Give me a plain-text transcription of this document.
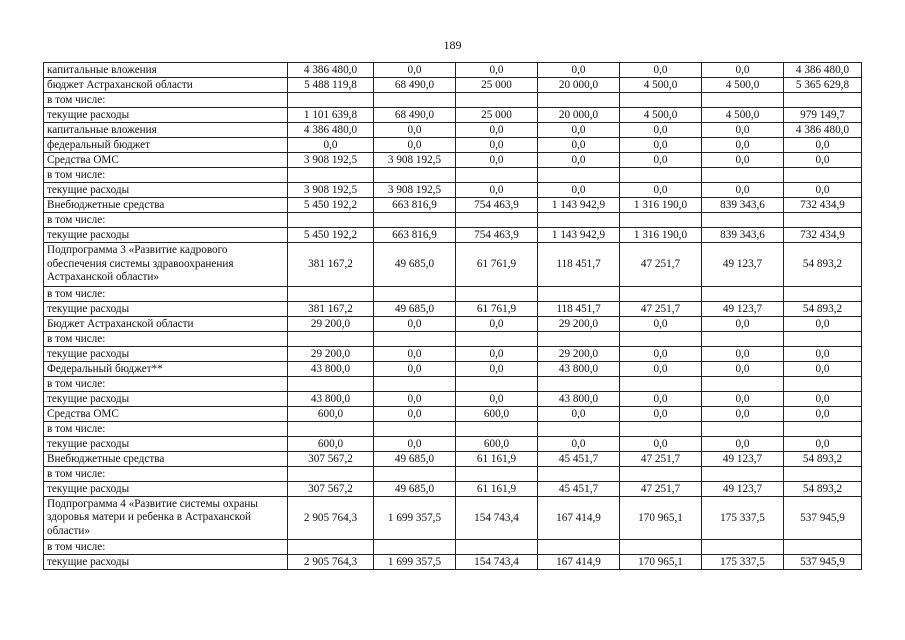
189
капитальные вложения	4 386 480,0	0,0	0,0	0,0	0,0	0,0	4 386 480,0
бюджет Астраханской области	5 488 119,8	68 490,0	25 000	20 000,0	4 500,0	4 500,0	5 365 629,8
в том числе:							
текущие расходы	1 101 639,8	68 490,0	25 000	20 000,0	4 500,0	4 500,0	979 149,7
капитальные вложения	4 386 480,0	0,0	0,0	0,0	0,0	0,0	4 386 480,0
федеральный бюджет	0,0	0,0	0,0	0,0	0,0	0,0	0,0
Средства ОМС	3 908 192,5	3 908 192,5	0,0	0,0	0,0	0,0	0,0
в том числе:							
текущие расходы	3 908 192,5	3 908 192,5	0,0	0,0	0,0	0,0	0,0
Внебюджетные средства	5 450 192,2	663 816,9	754 463,9	1 143 942,9	1 316 190,0	839 343,6	732 434,9
в том числе:							
текущие расходы	5 450 192,2	663 816,9	754 463,9	1 143 942,9	1 316 190,0	839 343,6	732 434,9
Подпрограмма 3 «Развитие кадрового обеспечения системы здравоохранения Астраханской области»	381 167,2	49 685,0	61 761,9	118 451,7	47 251,7	49 123,7	54 893,2
в том числе:							
текущие расходы	381 167,2	49 685,0	61 761,9	118 451,7	47 251,7	49 123,7	54 893,2
Бюджет Астраханской области	29 200,0	0,0	0,0	29 200,0	0,0	0,0	0,0
в том числе:							
текущие расходы	29 200,0	0,0	0,0	29 200,0	0,0	0,0	0,0
Федеральный бюджет**	43 800,0	0,0	0,0	43 800,0	0,0	0,0	0,0
в том числе:							
текущие расходы	43 800,0	0,0	0,0	43 800,0	0,0	0,0	0,0
Средства ОМС	600,0	0,0	600,0	0,0	0,0	0,0	0,0
в том числе:							
текущие расходы	600,0	0,0	600,0	0,0	0,0	0,0	0,0
Внебюджетные средства	307 567,2	49 685,0	61 161,9	45 451,7	47 251,7	49 123,7	54 893,2
в том числе:							
текущие расходы	307 567,2	49 685,0	61 161,9	45 451,7	47 251,7	49 123,7	54 893,2
Подпрограмма 4 «Развитие системы охраны здоровья матери и ребенка в Астраханской области»	2 905 764,3	1 699 357,5	154 743,4	167 414,9	170 965,1	175 337,5	537 945,9
в том числе:							
текущие расходы	2 905 764,3	1 699 357,5	154 743,4	167 414,9	170 965,1	175 337,5	537 945,9
